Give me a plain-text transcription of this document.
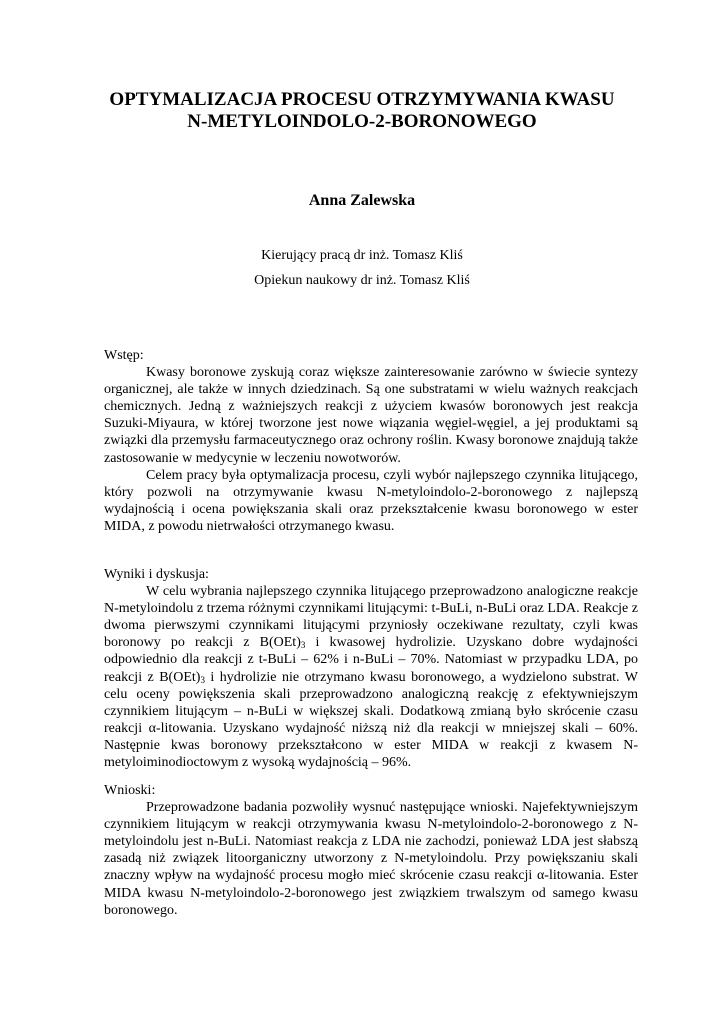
OPTYMALIZACJA PROCESU OTRZYMYWANIA KWASU
N-METYLOINDOLO-2-BORONOWEGO

Anna Zalewska

Kierujący pracą dr inż. Tomasz Kliś

Opiekun naukowy dr inż. Tomasz Kliś

Wstęp:

Kwasy boronowe zyskują coraz większe zainteresowanie zarówno w świecie syntezy organicznej, ale także w innych dziedzinach. Są one substratami w wielu ważnych reakcjach chemicznych. Jedną z ważniejszych reakcji z użyciem kwasów boronowych jest reakcja Suzuki-Miyaura, w której tworzone jest nowe wiązania węgiel-węgiel, a jej produktami są związki dla przemysłu farmaceutycznego oraz ochrony roślin. Kwasy boronowe znajdują także zastosowanie w medycynie w leczeniu nowotworów.

Celem pracy była optymalizacja procesu, czyli wybór najlepszego czynnika litującego, który pozwoli na otrzymywanie kwasu N-metyloindolo-2-boronowego z najlepszą wydajnością i ocena powiększania skali oraz przekształcenie kwasu boronowego w ester MIDA, z powodu nietrwałości otrzymanego kwasu.

Wyniki i dyskusja:

W celu wybrania najlepszego czynnika litującego przeprowadzono analogiczne reakcje N-metyloindolu z trzema różnymi czynnikami litującymi: t-BuLi, n-BuLi oraz LDA. Reakcje z dwoma pierwszymi czynnikami litującymi przyniosły oczekiwane rezultaty, czyli kwas boronowy po reakcji z $B(OEt)_3$ i kwasowej hydrolizie. Uzyskano dobre wydajności odpowiednio dla reakcji z t-BuLi – 62% i n-BuLi – 70%. Natomiast w przypadku LDA, po reakcji z $B(OEt)_3$ i hydrolizie nie otrzymano kwasu boronowego, a wydzielono substrat. W celu oceny powiększenia skali przeprowadzono analogiczną reakcję z efektywniejszym czynnikiem litującym – n-BuLi w większej skali. Dodatkową zmianą było skrócenie czasu reakcji α-litowania. Uzyskano wydajność niższą niż dla reakcji w mniejszej skali – 60%. Następnie kwas boronowy przekształcono w ester MIDA w reakcji z kwasem N-metyloiminodioctowym z wysoką wydajnością – 96%.

Wnioski:

Przeprowadzone badania pozwoliły wysnuć następujące wnioski. Najefektywniejszym czynnikiem litującym w reakcji otrzymywania kwasu N-metyloindolo-2-boronowego z N-metyloindolu jest n-BuLi. Natomiast reakcja z LDA nie zachodzi, ponieważ LDA jest słabszą zasadą niż związek litoorganiczny utworzony z N-metyloindolu. Przy powiększaniu skali znaczny wpływ na wydajność procesu mogło mieć skrócenie czasu reakcji α-litowania. Ester MIDA kwasu N-metyloindolo-2-boronowego jest związkiem trwalszym od samego kwasu boronowego.
